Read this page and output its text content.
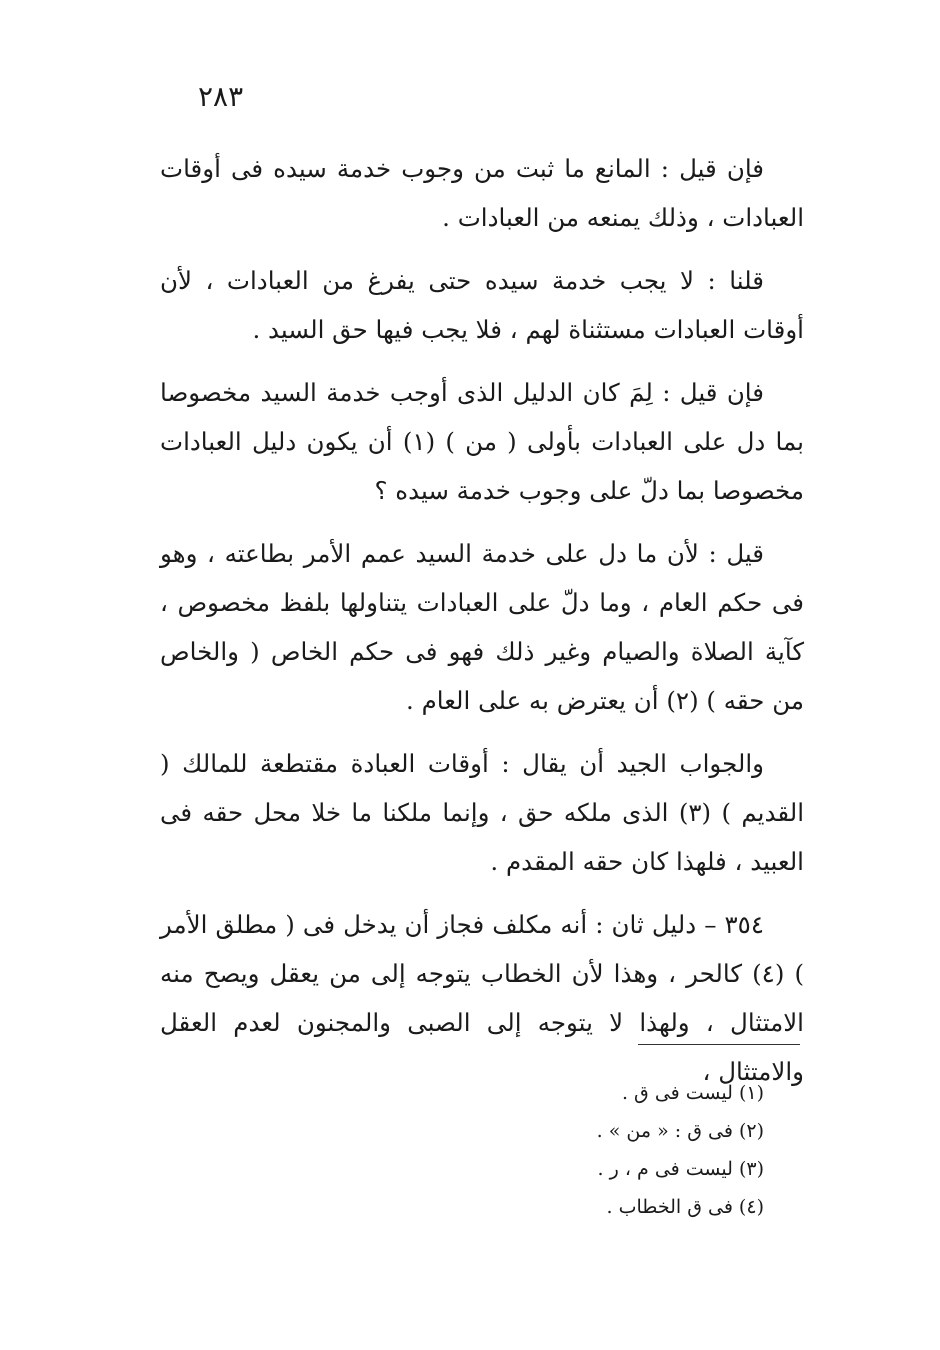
٢٨٣

فإن قيل : المانع ما ثبت من وجوب خدمة سيده فى أوقات العبادات ، وذلك يمنعه من العبادات .

قلنا : لا يجب خدمة سيده حتى يفرغ من العبادات ، لأن أوقات العبادات مستثناة لهم ، فلا يجب فيها حق السيد .

فإن قيل : لِمَ كان الدليل الذى أوجب خدمة السيد مخصوصا بما دل على العبادات بأولى ( من ) (١) أن يكون دليل العبادات مخصوصا بما دلّ على وجوب خدمة سيده ؟

قيل : لأن ما دل على خدمة السيد عمم الأمر بطاعته ، وهو فى حكم العام ، وما دلّ على العبادات يتناولها بلفظ مخصوص ، كآية الصلاة والصيام وغير ذلك فهو فى حكم الخاص ( والخاص من حقه ) (٢) أن يعترض به على العام .

والجواب الجيد أن يقال : أوقات العبادة مقتطعة للمالك ( القديم ) (٣) الذى ملكه حق ، وإنما ملكنا ما خلا محل حقه فى العبيد ، فلهذا كان حقه المقدم .

٣٥٤ – دليل ثان : أنه مكلف فجاز أن يدخل فى ( مطلق الأمر ) (٤) كالحر ، وهذا لأن الخطاب يتوجه إلى من يعقل ويصح منه الامتثال ، ولهذا لا يتوجه إلى الصبى والمجنون لعدم العقل والامتثال ،

(١) ليست فى ق .

(٢) فى ق : « من » .

(٣) ليست فى م ، ر .

(٤) فى ق الخطاب .
